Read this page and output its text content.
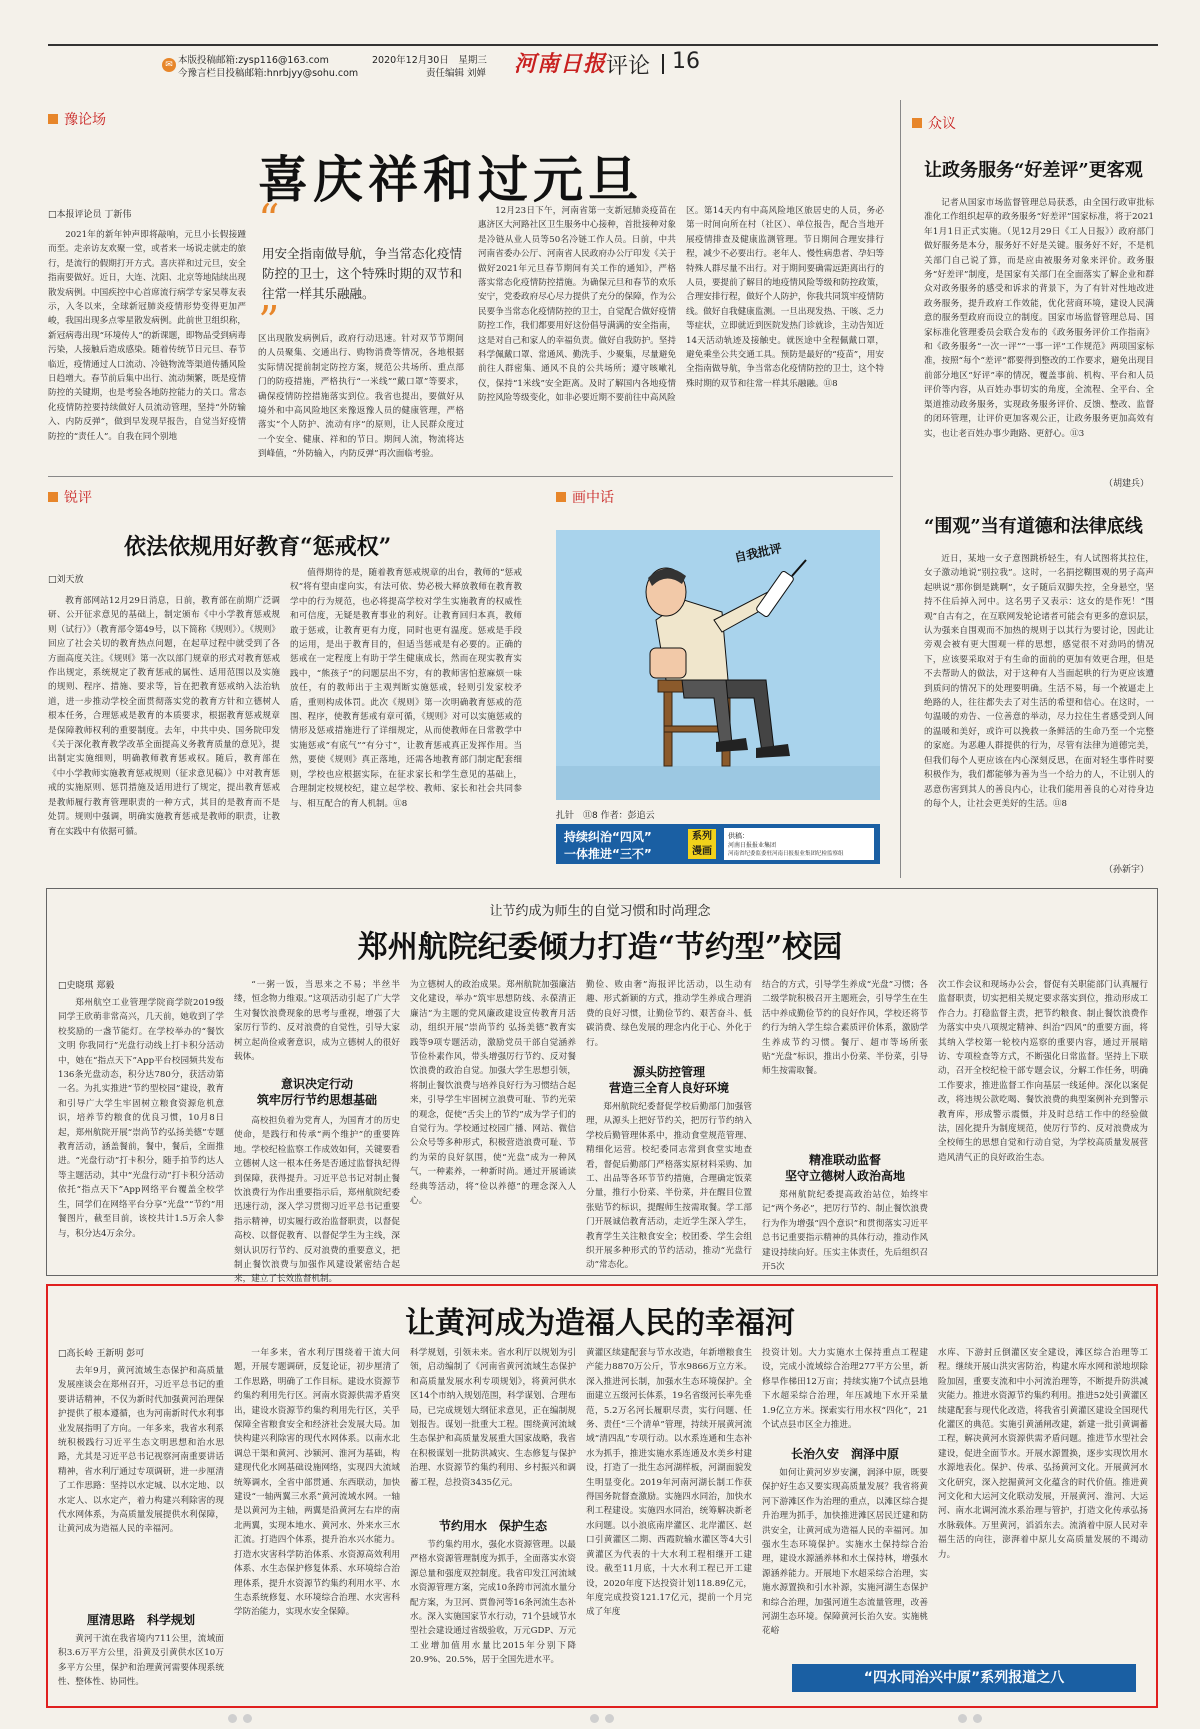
✉ 本版投稿邮箱:zysp116@163.com
今豫言栏目投稿邮箱:hnrbjyy@sohu.com
2020年12月30日　星期三
责任编辑 刘婵 河南日报 评论 16
豫论场
喜庆祥和过元旦
□本报评论员 丁新伟
2021年的新年钟声即将敲响，元旦小长假接踵而至。走亲访友欢聚一堂，或者来一场说走就走的旅行，是流行的假期打开方式。喜庆祥和过元旦，安全指南要做好。近日，大连、沈阳、北京等地陆续出现散发病例。中国疾控中心首席流行病学专家吴尊友表示，入冬以来，全球新冠肺炎疫情形势变得更加严峻，我国出现多点零星散发病例。此前世卫组织称，新冠病毒出现“环境传人”的新课题，即物品受到病毒污染，人接触后造成感染。随着传统节日元旦、春节临近，疫情通过人口流动、冷链物流等渠道传播风险日趋增大。春节前后集中出行、流动频繁，既是疫情防控的关键期，也是考验各地防控能力的关口。常态化疫情防控要持续做好人员流动管理，坚持“外防输入、内防反弹”，做到早发现早报告，自觉当好疫情防控的“责任人”。自我在同个别地
“
用安全指南做导航，争当常态化疫情防控的卫士，这个特殊时期的双节和往常一样其乐融融。
”
区出现散发病例后，政府行动迅速。针对双节节期间的人员聚集、交通出行、购物消费等情况，各地根据实际情况提前制定防控方案，规范公共场所、重点部门的防疫措施，严格执行“一米线”“戴口罩”等要求，确保疫情防控措施落实到位。我省也提出，要做好从境外和中高风险地区来豫返豫人员的健康管理，严格落实“个人防护、流动有序”的原则，让人民群众度过一个安全、健康、祥和的节日。期间人流，物流将达到峰值，“外防输入，内防反弹”再次面临考验。
12月23日下午，河南省第一支新冠肺炎疫苗在惠济区大河路社区卫生服务中心接种，首批接种对象是冷链从业人员等50名冷链工作人员。日前，中共河南省委办公厅、河南省人民政府办公厅印发《关于做好2021年元旦春节期间有关工作的通知》，严格落实常态化疫情防控措施。为确保元旦和春节的欢乐安宁，党委政府尽心尽力提供了充分的保障，作为公民要争当常态化疫情防控的卫士，自觉配合做好疫情防控工作，我们都要用好这份倡导满满的安全指南，这是对自己和家人的幸福负责。做好自我防护。坚持科学佩戴口罩、常通风、勤洗手、少聚集，尽量避免前往人群密集、通风不良的公共场所；遵守咳嗽礼仪，保持“1米线”安全距离。及时了解国内各地疫情防控风险等级变化，如非必要近期不要前往中高风险
区。第14天内有中高风险地区旅居史的人员，务必第一时间向所在村（社区）、单位报告，配合当地开展疫情排查及健康监测管理。节日期间合理安排行程，减少不必要出行。老年人、慢性病患者、孕妇等特殊人群尽量不出行。对于期间要确需远距离出行的人员，要提前了解目的地疫情风险等级和防控政策，合理安排行程，做好个人防护，你我共同筑牢疫情防线。做好自我健康监测。一旦出现发热、干咳、乏力等症状，立即就近到医院发热门诊就诊，主动告知近14天活动轨迹及接触史。就医途中全程佩戴口罩，避免乘坐公共交通工具。预防是最好的“疫苗”，用安全指南做导航，争当常态化疫情防控的卫士，这个特殊时期的双节和往常一样其乐融融。⑪8
众议
让政务服务“好差评”更客观
记者从国家市场监督管理总局获悉，由全国行政审批标准化工作组织起草的政务服务“好差评”国家标准，将于2021年1月1日正式实施。（见12月29日《工人日报》）政府部门做好服务是本分，服务好不好是关键。服务好不好，不是机关部门自己说了算，而是应由被服务对象来评价。政务服务“好差评”制度，是国家有关部门在全面落实了解企业和群众对政务服务的感受和诉求的背景下，为了有针对性地改进政务服务，提升政府工作效能，优化营商环境，建设人民满意的服务型政府而设立的制度。国家市场监督管理总局、国家标准化管理委员会联合发布的《政务服务评价工作指南》和《政务服务“一次一评”“一事一评”工作规范》两项国家标准，按照“每个“差评”都要得到整改的工作要求，避免出现目前部分地区“好评”率的情况，覆盖事前、机构、平台和人员评价等内容，从百姓办事切实的角度，全流程、全平台、全渠道推动政务服务，实现政务服务评价、反馈、整改、监督的闭环管理，让评价更加客观公正，让政务服务更加高效有实，也让老百姓办事少跑路、更舒心。⑪3
（胡建兵）
“围观”当有道德和法律底线
近日，某地一女子意图跳桥轻生，有人试图将其拉住，女子激动地说“别拉我”。这时，一名捐挖糊围观的男子高声起哄说“那你倒是跳啊”，女子随后双脚失控，全身悬空，坚持不住后掉入河中。这名男子又表示：这女的是作死！“围观”自古有之，在互联网发轮论诸者可能会有更多的意识层，认为强来自围观而不加热的规则于以其行为要讨论，因此让旁观会被有更大围观一样的思想，感觉很不对劲吗的情况下，应该要采取对于有生命的面前的更加有效更合理，但是不去帮助人的做法，对于这种有人当面起哄的行为更应该遭到质问的情况下的处理要明确。生活不易，每一个被逼走上绝路的人，往往都失去了对生活的希望和信心。在这时，一句温暖的劝告、一位善意的举动，尽力拉住生者感受到人间的温暖和美好，或许可以挽救一条鲜活的生命乃至一个完整的家庭。为恶趣人群提供的行为，尽管有法律为道德完美，但我们每个人更应该在内心深刻反思，在面对轻生事件时要积极作为，我们都能够为善为当一个给力的人，不让别人的恶意伤害到其人的善良内心，让我们能用善良的心对待身边的每个人，让社会更美好的生活。⑪8
（孙新宇）
锐评
依法依规用好教育“惩戒权”
□刘天放
教育部网站12月29日消息，日前，教育部在前期广泛调研、公开征求意见的基础上，制定颁布《中小学教育惩戒规则（试行）》（教育部令第49号，以下简称《规则》）。《规则》回应了社会关切的教育热点问题，在起草过程中就受到了各方面高度关注。《规则》第一次以部门规章的形式对教育惩戒作出规定，系统规定了教育惩戒的属性、适用范围以及实施的规则、程序、措施、要求等，旨在把教育惩戒纳入法治轨道，进一步推动学校全面贯彻落实党的教育方针和立德树人根本任务，合理惩戒是教育的本质要求，根据教育惩戒规章是保障教师权利的重要制度。去年，中共中央、国务院印发《关于深化教育教学改革全面提高义务教育质量的意见》，提出制定实施细则，明确教师教育惩戒权。随后，教育部在《中小学教师实施教育惩戒规则（征求意见稿）》中对教育惩戒的实施原则、惩罚措施及适用进行了规定，提出教育惩戒是教师履行教育管理职责的一种方式，其目的是教育而不是处罚。规则中强调，明确实施教育惩戒是教师的职责，让教育在实践中有依据可循。
值得期待的是，随着教育惩戒规章的出台，教师的“惩戒权”将有望由虚向实，有法可依、势必极大释放教师在教育教学中的行为规范，也必将提高学校对学生实施教育的权威性和可信度，无疑是教育事业的利好。让教育回归本真，教师敢于惩戒，让教育更有力度，同时也更有温度。惩戒是手段的运用，是出于教育目的，但适当惩戒是有必要的。正确的惩戒在一定程度上有助于学生健康成长，然而在现实教育实践中，“熊孩子”的问题层出不穷，有的教师害怕惹麻烦一味放任，有的教师出于主观判断实施惩戒，轻则引发家校矛盾，重则构成体罚。此次《规则》第一次明确教育惩戒的范围、程序，使教育惩戒有章可循，《规则》对可以实施惩戒的情形及惩戒措施进行了详细规定，从而使教师在日常教学中实施惩戒“有底气”“有分寸”，让教育惩戒真正发挥作用。当然，要使《规则》真正落地，还需各地教育部门制定配套细则，学校也应根据实际，在征求家长和学生意见的基础上，合理制定校规校纪，建立起学校、教师、家长和社会共同参与、相互配合的育人机制。⑪8
画中话
自我批评
扎针　⑪8 作者：彭追云
持续纠治“四风”
一体推进“三不”
系列漫画
供稿：
河南日报报业集团
河南省纪委监委驻河南日报报业集团纪检监察组
让节约成为师生的自觉习惯和时尚理念
郑州航院纪委倾力打造“节约型”校园
□史晓琪 郑毅
郑州航空工业管理学院商学院2019级同学王欣萌非常高兴，几天前，她收到了学校奖励的一盏节能灯。在学校举办的“餐饮文明 你我同行”光盘行动线上打卡积分活动中，她在“指点天下”App平台校园频共发布136条光盘动态，积分达780分，获活动第一名。为扎实推进“节约型校园”建设，教育和引导广大学生牢固树立粮食资源危机意识，培养节约粮食的优良习惯，10月8日起，郑州航院开展“崇尚节约弘扬美德”专题教育活动，涵盖餐前，餐中，餐后，全面推进。“光盘行动”打卡积分，随手拍节约达人等主题活动，其中“光盘行动”打卡积分活动依托“指点天下”App网络平台覆盖全校学生，同学们在网络平台分享“光盘”“节约”用餐图片，截至目前，该校共计1.5万余人参与，积分达4万余分。
“一粥一饭，当思来之不易；半丝半缕，恒念物力维艰。”这项活动引起了广大学生对餐饮浪费现象的思考与重视，增强了大家厉行节约、反对浪费的自觉性，引导大家树立起尚俭戒奢意识，成为立德树人的很好载体。
意识决定行动
筑牢厉行节约思想基础
高校担负着为党育人，为国育才的历史使命，是践行和传承“两个维护”的重要阵地。学校纪检监察工作成效如何，关键要看立德树人这一根本任务是否通过监督执纪得到保障，获得提升。习近平总书记对制止餐饮浪费行为作出重要指示后，郑州航院纪委迅速行动，深入学习贯彻习近平总书记重要指示精神，切实履行政治监督职责，以督促高校、以督促教育、以督促学生为主线，深刻认识厉行节约、反对浪费的重要意义，把制止餐饮浪费与加强作风建设紧密结合起来，建立了长效监督机制。
为立德树人的政治成果。郑州航院加强廉洁文化建设，举办“筑牢思想防线、永葆清正廉洁”为主题的党风廉政建设宣传教育月活动，组织开展“崇尚节约 弘扬美德”教育实践等9项专题活动，激励党员干部自觉涵养节俭朴素作风，带头增强厉行节约、反对餐饮浪费的政治自觉。加强大学生思想引领，将制止餐饮浪费与培养良好行为习惯结合起来，引导学生牢固树立浪费可耻、节约光荣的观念，促使“舌尖上的节约”成为学子们的自觉行为。学校通过校园广播、网站、微信公众号等多种形式，积极营造浪费可耻、节约为荣的良好氛围，使“光盘”成为一种风气，一种素养，一种新时尚。通过开展诵读经典等活动，将“俭以养德”的理念深入人心。
勤俭、败由奢”海报评比活动，以生动有趣、形式新颖的方式，推动学生养成合理消费的良好习惯，让勤俭节约、艰苦奋斗、低碳消费、绿色发展的理念内化于心、外化于行。
源头防控管理
营造三全育人良好环境
郑州航院纪委督促学校后勤部门加强管理，从源头上把好节约关，把厉行节约纳入学校后勤管理体系中，推动食堂规范管理、精细化运营。校纪委同志常到食堂实地查看，督促后勤部门严格落实原材料采购、加工、出品等各环节节约措施，合理确定饭菜分量，推行小份菜、半份菜，并在醒目位置张贴节约标识，提醒师生按需取餐。学工部门开展诚信教育活动，走近学生深入学生，教育学生关注粮食安全；校团委、学生会组织开展多种形式的节约活动，推动“光盘行动”常态化。
结合的方式，引导学生养成“光盘”习惯；各二级学院积极召开主题班会，引导学生在生活中养成勤俭节约的良好作风，学校还将节约行为纳入学生综合素质评价体系，激励学生养成节约习惯。餐厅、超市等场所张贴“光盘”标识，推出小份菜、半份菜，引导师生按需取餐。
精准联动监督
坚守立德树人政治高地
郑州航院纪委提高政治站位，始终牢记“两个务必”，把厉行节约、制止餐饮浪费行为作为增强“四个意识”和贯彻落实习近平总书记重要指示精神的具体行动，推动作风建设持续向好。压实主体责任，先后组织召开5次
次工作会议和现场办公会，督促有关职能部门认真履行监督职责，切实把相关规定要求落实到位，推动形成工作合力。打稳监督主责，把节约粮食、制止餐饮浪费作为落实中央八项规定精神、纠治“四风”的重要方面，将其纳入学校第一轮校内巡察的重要内容，通过开展暗访、专项检查等方式，不断强化日常监督。坚持上下联动，召开全校纪检干部专题会议，分解工作任务，明确工作要求，推进监督工作向基层一线延伸。深化以案促改，将违规公款吃喝、餐饮浪费的典型案例补充到警示教育库，形成警示震慑，并及时总结工作中的经验做法，固化提升为制度规范，使厉行节约、反对浪费成为全校师生的思想自觉和行动自觉，为学校高质量发展营造风清气正的良好政治生态。
让黄河成为造福人民的幸福河
□高长岭 王新明 彭可
去年9月，黄河流域生态保护和高质量发展座谈会在郑州召开，习近平总书记的重要讲话精神，不仅为新时代加强黄河治理保护提供了根本遵循，也为河南新时代水利事业发展指明了方向。一年多来，我省水利系统积极践行习近平生态文明思想和治水思路，尤其是习近平总书记视察河南重要讲话精神，省水利厅通过专项调研，进一步厘清了工作思路：坚持以水定城、以水定地、以水定人、以水定产，着力构建兴利除害的现代水网体系，为高质量发展提供水利保障，让黄河成为造福人民的幸福河。
厘清思路　科学规划
黄河干流在我省境内711公里，流域面积3.6万平方公里，沿黄及引黄供水区10万多平方公里，保护和治理黄河需要体现系统性、整体性、协同性。
一年多来，省水利厅围绕着干流大问题，开展专题调研，反复论证，初步厘清了工作思路，明确了工作目标。建设水资源节约集约利用先行区。河南水资源供需矛盾突出，建设水资源节约集约利用先行区，关乎保障全省粮食安全和经济社会发展大局。加快构建兴利除害的现代水网体系。以南水北调总干渠和黄河、沙颍河、淮河为基础，构建现代化水网基础设施网络，实现四大流域统筹调水，全省中部贯通、东西联动，加快建设“一轴两翼三水系”黄河流域水网。一轴是以黄河为主轴，两翼是沿黄河左右岸的南北两翼，实现本地水、黄河水、外来水三水汇流。打造四个体系，提升治水兴水能力。打造水灾害科学防治体系、水资源高效利用体系、水生态保护修复体系、水环境综合治理体系，提升水资源节约集约利用水平、水生态系统修复、水环境综合治理、水灾害科学防治能力，实现水安全保障。
科学规划，引领未来。省水利厅以规划为引领，启动编制了《河南省黄河流域生态保护和高质量发展水利专项规划》，将黄河供水区14个市纳入规划范围，科学谋划、合理布局，已完成规划大纲征求意见，正在编制规划报告。谋划一批重大工程。围绕黄河流域生态保护和高质量发展重大国家战略，我省在积极谋划一批防洪减灾、生态修复与保护治理、水资源节约集约利用、乡村振兴和调蓄工程，总投资3435亿元。
节约用水　保护生态
节约集约用水，强化水资源管理。以最严格水资源管理制度为抓手，全面落实水资源总量和强度双控制度。我省印发江河流域水资源管理方案，完成10条跨市河流水量分配方案，为卫河、贾鲁河等16条河流生态补水。深入实施国家节水行动，71个县域节水型社会建设通过省级验收，万元GDP、万元工业增加值用水量比2015年分别下降20.9%、20.5%，居于全国先进水平。
黄灌区续建配套与节水改造，年新增粮食生产能力8870万公斤，节水9866万立方米。深入推进河长制，加强水生态环境保护。全面建立五级河长体系，19名省级河长率先垂范，5.2万名河长履职尽责，实行问题、任务、责任“三个清单”管理，持续开展黄河流域“清四乱”专项行动。以水系连通和生态补水为抓手，推进实施水系连通及水美乡村建设，打造了一批生态河湖样板，河湖面貌发生明显变化。2019年河南河湖长制工作获得国务院督查激励。实施四水同治，加快水利工程建设。实施四水同治，统筹解决新老水问题。以小浪底南岸灌区、北岸灌区、赵口引黄灌区二期、西霞院输水灌区等4大引黄灌区为代表的十大水利工程相继开工建设。截至11月底，十大水利工程已开工建设，2020年度下达投资计划118.89亿元，年度完成投资121.17亿元，提前一个月完成了年度
投资计划。大力实施水土保持重点工程建设，完成小流域综合治理277平方公里，新修旱作梯田12万亩；持续实施7个试点县地下水超采综合治理，年压减地下水开采量1.9亿立方米。探索实行用水权“四化”，21个试点县市区全力推进。
长治久安　润泽中原
如何让黄河岁岁安澜，润泽中原，既要保护好生态又要实现高质量发展？我省将黄河下游滩区作为治理的重点，以滩区综合提升治理为抓手，加快推进滩区居民迁建和防洪安全，让黄河成为造福人民的幸福河。加强水生态环境保护。实施水土保持综合治理，建设水源涵养林和水土保持林，增强水源涵养能力。开展地下水超采综合治理，实施水源置换和引水补源，实施河湖生态保护和综合治理，加强河道生态流量管理，改善河湖生态环境。保障黄河长治久安。实施桃花峪
水库、下游封丘倒灌区安全建设，滩区综合治理等工程。继续开展山洪灾害防治，构建水库水网和淤地坝除险加固，重要支流和中小河流治理等，不断提升防洪减灾能力。推进水资源节约集约利用。推进52处引黄灌区续建配套与现代化改造，将我省引黄灌区建设全国现代化灌区的典范。实施引黄涵闸改建，新建一批引黄调蓄工程，解决黄河水资源供需矛盾问题。推进节水型社会建设，促进全面节水。开展水源置换，逐步实现饮用水水源地表化。保护、传承、弘扬黄河文化。开展黄河水文化研究，深入挖掘黄河文化蕴含的时代价值。推进黄河文化和大运河文化联动发展，开展黄河、淮河、大运河、南水北调河流水系治理与管护，打造文化传承弘扬水脉载体。万里黄河，滔滔东去。流淌着中原人民对幸福生活的向往，澎湃着中原儿女高质量发展的不竭动力。
“四水同治兴中原”系列报道之八
